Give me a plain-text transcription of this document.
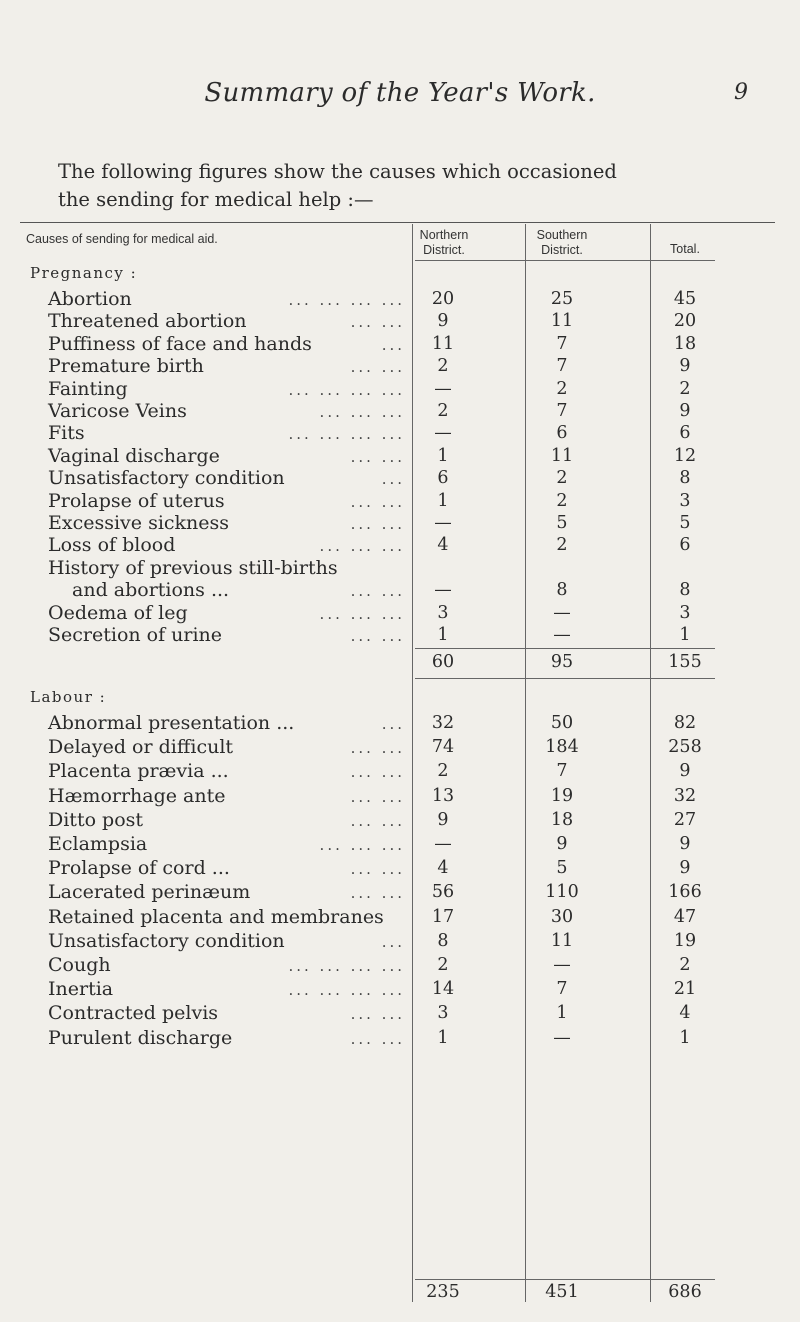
Summary of the Year's Work.	9
The following figures show the causes which occasioned
the sending for medical help :—
Causes of sending for medical aid.	Northern
District.
Southern
District.	Total.
Pregnancy :
Abortion	... ... ... ...	20	25	45
Threatened abortion	... ...	9	11	20
Puffiness of face and hands	...	11	7	18
Premature birth	... ...	2	7	9
Fainting	... ... ... ...	—	2	2
Varicose Veins	... ... ...	2	7	9
Fits	... ... ... ...	—	6	6
Vaginal discharge	... ...	1	11	12
Unsatisfactory condition	...	6	2	8
Prolapse of uterus	... ...	1	2	3
Excessive sickness	... ...	—	5	5
Loss of blood	... ... ...	4	2	6
History of previous still-births
and abortions ...	... ...	—	8	8
Oedema of leg	... ... ...	3	—	3
Secretion of urine	... ...	1	—	1
60	95	155
Labour :
Abnormal presentation ...	...	32	50	82
Delayed or difficult	... ...	74	184	258
Placenta prævia ...	... ...	2	7	9
Hæmorrhage ante	... ...	13	19	32
Ditto post	... ...	9	18	27
Eclampsia	... ... ...	—	9	9
Prolapse of cord ...	... ...	4	5	9
Lacerated perinæum	... ...	56	110	166
Retained placenta and membranes	17	30	47
Unsatisfactory condition	...	8	11	19
Cough	... ... ... ...	2	—	2
Inertia	... ... ... ...	14	7	21
Contracted pelvis	... ...	3	1	4
Purulent discharge	... ...	1	—	1
235	451	686
